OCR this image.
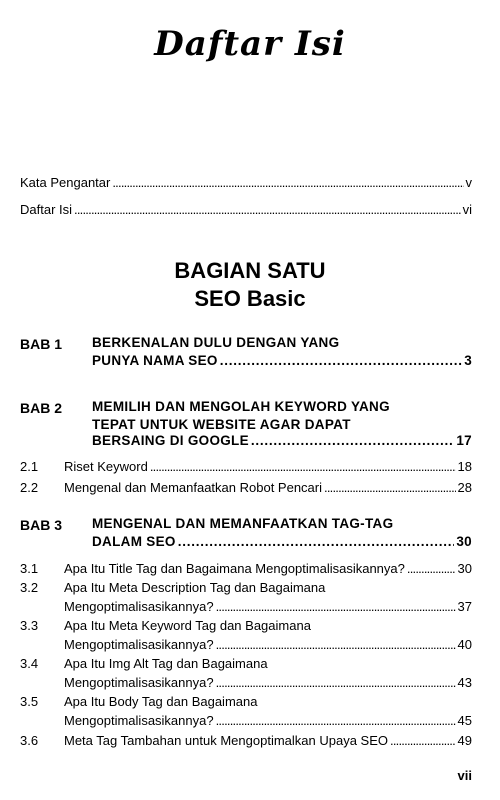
Daftar Isi
Kata Pengantar . . .	v
Daftar Isi . . .	vi
BAGIAN SATU
SEO Basic
BAB 1 BERKENALAN DULU DENGAN YANG
PUNYA NAMA SEO . . .	3
BAB 2 MEMILIH DAN MENGOLAH KEYWORD YANG
TEPAT UNTUK WEBSITE AGAR DAPAT
BERSAING DI GOOGLE . . .	17
2.1 Riset Keyword . . .	18
2.2 Mengenal dan Memanfaatkan Robot Pencari . . .	28
BAB 3 MENGENAL DAN MEMANFAATKAN TAG-TAG
DALAM SEO . . .	30
3.1 Apa Itu Title Tag dan Bagaimana Mengoptimalisasikannya? . . .	30
3.2 Apa Itu Meta Description Tag dan Bagaimana
Mengoptimalisasikannya? . . .	37
3.3 Apa Itu Meta Keyword Tag dan Bagaimana
Mengoptimalisasikannya? . . .	40
3.4 Apa Itu Img Alt Tag dan Bagaimana
Mengoptimalisasikannya? . . .	43
3.5 Apa Itu Body Tag dan Bagaimana
Mengoptimalisasikannya? . . .	45
3.6 Meta Tag Tambahan untuk Mengoptimalkan Upaya SEO . . .	49
vii
